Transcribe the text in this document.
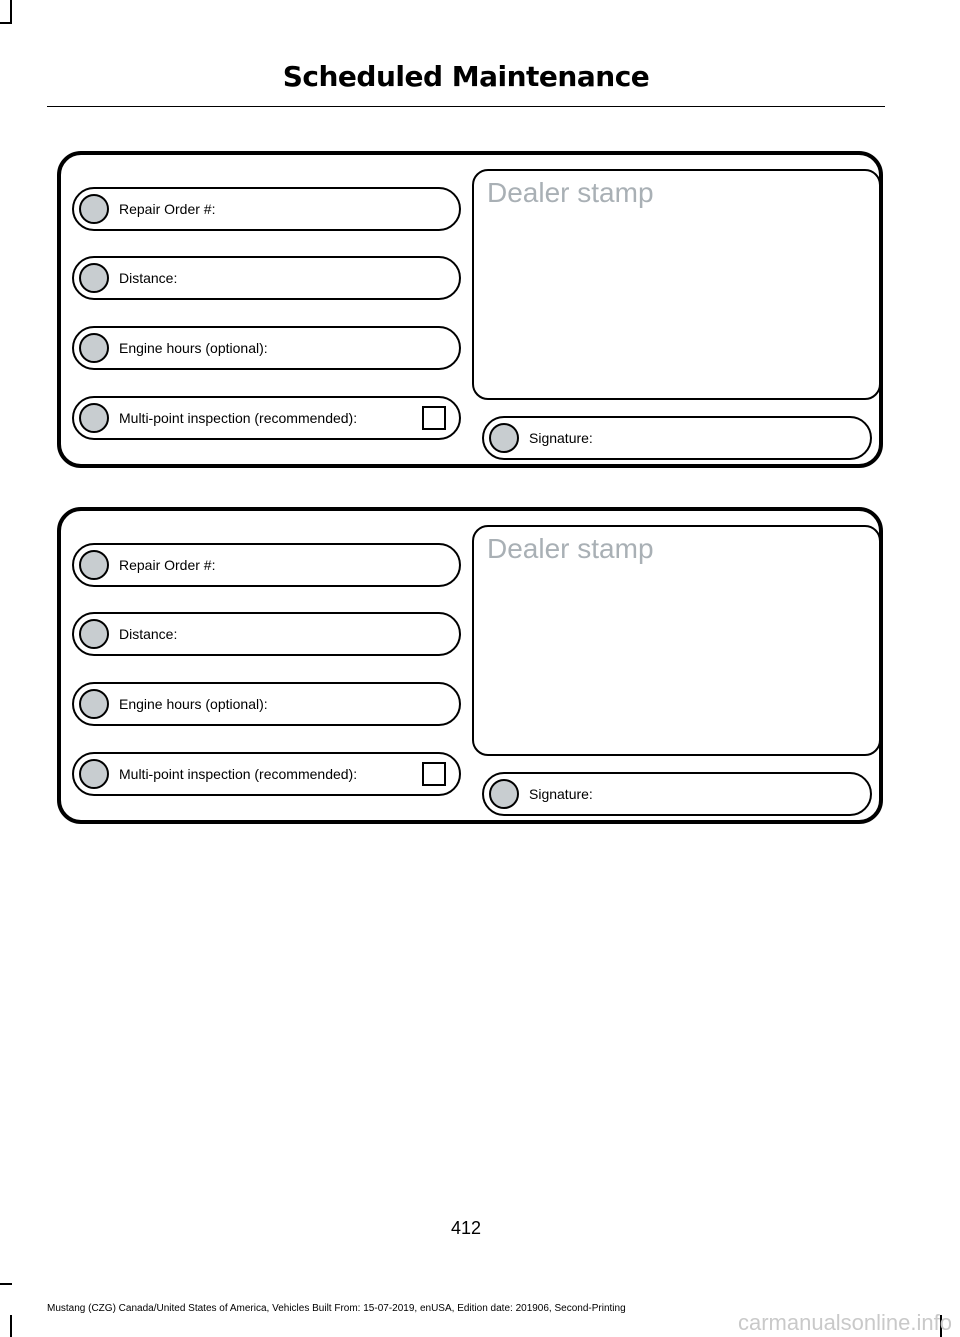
Scheduled Maintenance
Repair Order #:
Distance:
Engine hours (optional):
Multi-point inspection (recommended):
Dealer stamp
Signature:
Repair Order #:
Distance:
Engine hours (optional):
Multi-point inspection (recommended):
Dealer stamp
Signature:
412
Mustang (CZG) Canada/United States of America, Vehicles Built From: 15-07-2019, enUSA, Edition date: 201906, Second-Printing
carmanualsonline.info
